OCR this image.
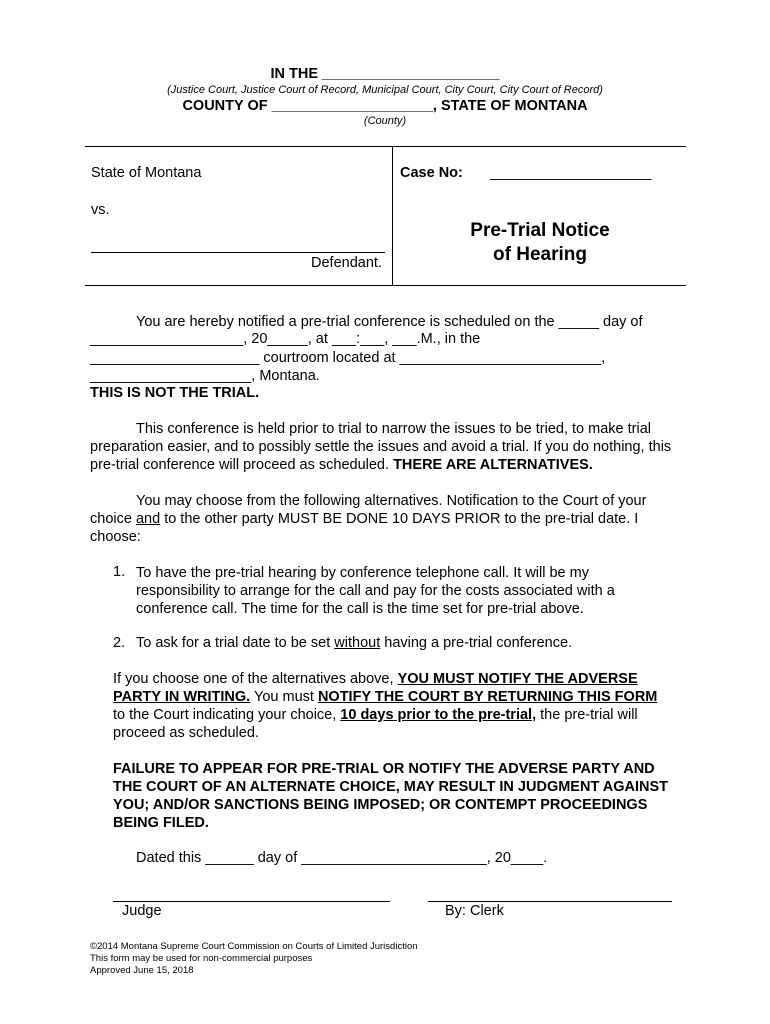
IN THE ______________________
(Justice Court, Justice Court of Record, Municipal Court, City Court, City Court of Record)
COUNTY OF ____________________, STATE OF MONTANA
(County)
State of Montana
vs.
Defendant.
Case No: ____________________
Pre-Trial Notice
of Hearing
You are hereby notified a pre-trial conference is scheduled on the _____ day of
___________________, 20_____, at ___:___, ___.M., in the
_____________________ courtroom located at _________________________,
____________________, Montana.
THIS IS NOT THE TRIAL.
This conference is held prior to trial to narrow the issues to be tried, to make trial preparation easier, and to possibly settle the issues and avoid a trial. If you do nothing, this pre-trial conference will proceed as scheduled. THERE ARE ALTERNATIVES.
You may choose from the following alternatives. Notification to the Court of your choice and to the other party MUST BE DONE 10 DAYS PRIOR to the pre-trial date. I choose:
1. To have the pre-trial hearing by conference telephone call. It will be my responsibility to arrange for the call and pay for the costs associated with a conference call. The time for the call is the time set for pre-trial above.
2. To ask for a trial date to be set without having a pre-trial conference.
If you choose one of the alternatives above, YOU MUST NOTIFY THE ADVERSE PARTY IN WRITING. You must NOTIFY THE COURT BY RETURNING THIS FORM to the Court indicating your choice, 10 days prior to the pre-trial, the pre-trial will proceed as scheduled.
FAILURE TO APPEAR FOR PRE-TRIAL OR NOTIFY THE ADVERSE PARTY AND THE COURT OF AN ALTERNATE CHOICE, MAY RESULT IN JUDGMENT AGAINST YOU; AND/OR SANCTIONS BEING IMPOSED; OR CONTEMPT PROCEEDINGS BEING FILED.
Dated this ______ day of _______________________, 20____.
Judge	By: Clerk
©2014 Montana Supreme Court Commission on Courts of Limited Jurisdiction
This form may be used for non-commercial purposes
Approved June 15, 2018
